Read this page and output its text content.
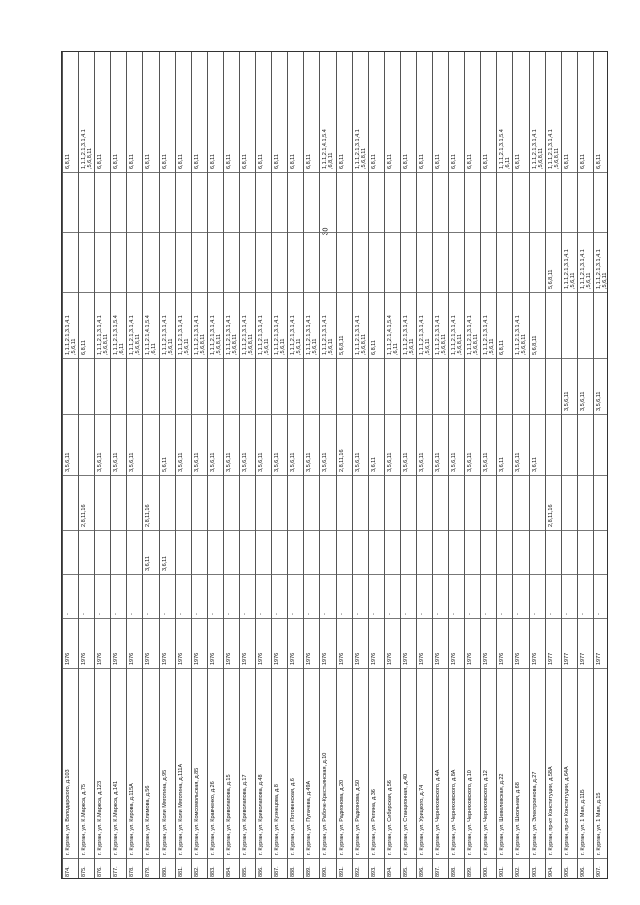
30
874.
г. Курган, ул. Володарского, д.103
1976
-
3,5,6,11
1,1.1,2.1,3.1,4.1 ,5,6,11
6,8,11
875.
г. Курган, ул. К.Маркса, д.75
1976
-
2,8,11,16
6,8,11
1,1.1,2.1,3.1,4.1 ,5,6,8,11
876.
г. Курган, ул. К.Маркса, д.123
1976
-
3,5,6,11
1,1.1,2.1,3.1,4.1 ,5,6,8,11
6,8,11
877.
г. Курган, ул. К.Маркса, д.141
1976
-
3,5,6,11
1,1.1,2.1,3.1,5.4 ,6,11
6,8,11
878.
г. Курган, ул. Кирова, д.115А
1976
-
3,5,6,11
1,1.1,2.1,3.1,4.1 ,5,6,8,11
6,8,11
879.
г. Курган, ул. Климова, д.56
1976
-
3,6,11
2,8,11,16
1,1.1,2.1,4.1,5.4 ,6,11
6,8,11
880.
г. Курган, ул. Коли Мяготина, д.95
1976
-
3,6,11
5,6,11
1,1.1,2.1,3.1,4.1 ,5,6,11
6,8,11
881.
г. Курган, ул. Коли Мяготина, д.111А
1976
-
3,5,6,11
1,1.1,2.1,3.1,4.1 ,5,6,11
6,8,11
882.
г. Курган, ул. Комсомольская, д.85
1976
-
3,5,6,11
1,1.1,2.1,3.1,4.1 ,5,6,8,11
6,8,11
883.
г. Курган, ул. Кравченко, д.26
1976
-
3,5,6,11
1,1.1,2.1,3.1,4.1 ,5,6,8,11
6,8,11
884.
г. Курган, ул. Криволапова, д.15
1976
-
3,5,6,11
1,1.1,2.1,3.1,4.1 ,5,6,8,11
6,8,11
885.
г. Курган, ул. Криволапова, д.17
1976
-
3,5,6,11
1,1.1,2.1,3.1,4.1 ,5,6,8,11
6,8,11
886.
г. Курган, ул. Криволапова, д.48
1976
-
3,5,6,11
1,1.1,2.1,3.1,4.1 ,5,6,11
6,8,11
887.
г. Курган, ул. Кузнецова, д.8
1976
-
3,5,6,11
1,1.1,2.1,3.1,4.1 ,5,6,11
6,8,11
888.
г. Курган, ул. Потовенская, д.6
1976
-
3,5,6,11
1,1.1,2.1,3.1,4.1 ,5,6,11
6,8,11
889.
г. Курган, ул. Пугачева, д.49А
1976
-
3,5,6,11
1,1.1,2.1,3.1,4.1 ,5,6,11
6,8,11
890.
г. Курган, ул. Рабоче-Крестьянская, д.10
1976
-
3,5,6,11
1,1.1,2.1,3.1,4.1 ,5,6,11
1,1.1,2.1,4.1,5.4 ,6,8,11
891.
г. Курган, ул. Радионова, д.20
1976
-
2,8,11,16
5,6,8,11
6,8,11
892.
г. Курган, ул. Радионова, д.50
1976
-
3,5,6,11
1,1.1,2.1,3.1,4.1 ,5,6,8,11
1,1.1,2.1,3.1,4.1 ,5,6,8,11
893.
г. Курган, ул. Репина, д.36
1976
-
3,6,11
6,8,11
6,8,11
894.
г. Курган, ул. Сибирская, д.56
1976
-
3,5,6,11
1,1.1,2.1,4.1,5.4 ,6,11
6,8,11
895.
г. Курган, ул. Станционная, д.40
1976
-
3,5,6,11
1,1.1,2.1,3.1,4.1 ,5,6,11
6,8,11
896.
г. Курган, ул. Урицкого, д.74
1976
-
3,5,6,11
1,1.1,2.1,3.1,4.1 ,5,6,11
6,8,11
897.
г. Курган, ул. Черняховского, д.4А
1976
-
3,5,6,11
1,1.1,2.1,3.1,4.1 ,5,6,8,11
6,8,11
898.
г. Курган, ул. Черняховского, д.8А
1976
-
3,5,6,11
1,1.1,2.1,3.1,4.1 ,5,6,8,11
6,8,11
899.
г. Курган, ул. Черняховского, д.10
1976
-
3,5,6,11
1,1.1,2.1,3.1,4.1 ,5,6,8,11
6,8,11
900.
г. Курган, ул. Черняховского, д.12
1976
-
3,5,6,11
1,1.1,2.1,3.1,4.1 ,5,6,11
6,8,11
901.
г. Курган, ул. Шевелевская, д.22
1976
-
3,6,11
6,8,11
1,1.1,2.1,3.1,5.4 ,6,11
902.
г. Курган, ул. Школьная, д.68
1976
-
3,5,6,11
1,1.1,2.1,3.1,4.1 ,5,6,8,11
6,8,11
903.
г. Курган, ул. Электроинова, д.27
1976
-
3,6,11
5,6,8,11
1,1.1,2.1,3.1,4.1 ,5,6,8,11
904.
г. Курган, пр-кт Конституции, д.58А
1977
-
2,8,11,16
5,6,8,11
1,1.1,2.1,3.1,4.1 ,5,6,8,11
905.
г. Курган, пр-кт Конституции, д.64А
1977
-
3,5,6,11
1,1.1,2.1,3.1,4.1 ,5,6,11
6,8,11
906.
г. Курган, ул. 1 Мая, д.11Б
1977
-
3,5,6,11
1,1.1,2.1,3.1,4.1 ,5,6,11
6,8,11
907.
г. Курган, ул. 1 Мая, д.15
1977
-
3,5,6,11
1,1.1,2.1,3.1,4.1 ,5,6,11
6,8,11
